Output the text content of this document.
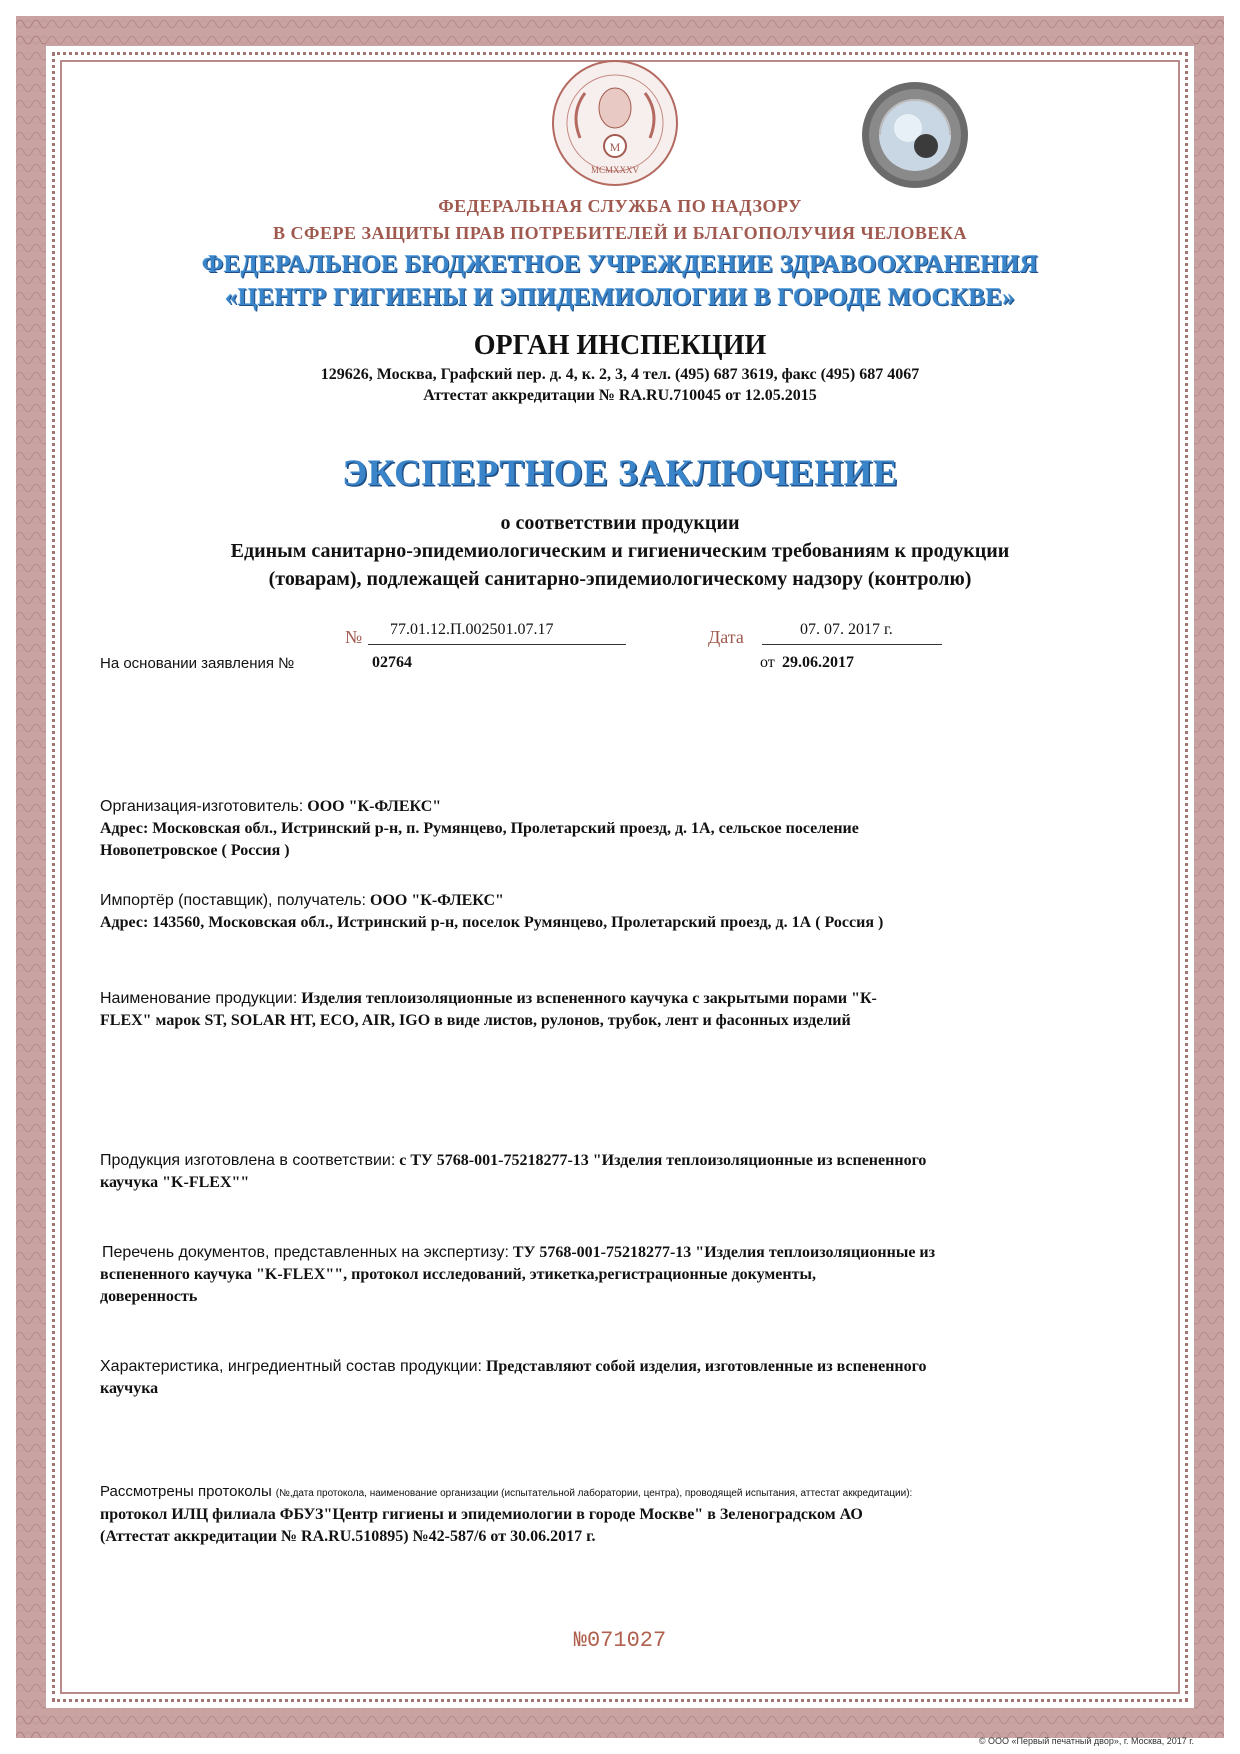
M
MCMXXXV
ФЕДЕРАЛЬНАЯ СЛУЖБА ПО НАДЗОРУ
В СФЕРЕ ЗАЩИТЫ ПРАВ ПОТРЕБИТЕЛЕЙ И БЛАГОПОЛУЧИЯ ЧЕЛОВЕКА
ФЕДЕРАЛЬНОЕ БЮДЖЕТНОЕ УЧРЕЖДЕНИЕ ЗДРАВООХРАНЕНИЯ
«ЦЕНТР ГИГИЕНЫ И ЭПИДЕМИОЛОГИИ В ГОРОДЕ МОСКВЕ»
ОРГАН ИНСПЕКЦИИ
129626, Москва, Графский пер. д. 4, к. 2, 3, 4 тел. (495) 687 3619, факс (495) 687 4067
Аттестат аккредитации № RA.RU.710045 от 12.05.2015
ЭКСПЕРТНОЕ ЗАКЛЮЧЕНИЕ
о соответствии продукции
Единым санитарно-эпидемиологическим и гигиеническим требованиям к продукции
(товарам), подлежащей санитарно-эпидемиологическому надзору (контролю)
№ 77.01.12.П.002501.07.17	Дата	07. 07. 2017 г.
На основании заявления №	02764	от 29.06.2017
Организация-изготовитель: ООО "К-ФЛЕКС"
Адрес: Московская обл., Истринский р-н, п. Румянцево, Пролетарский проезд, д. 1А, сельское поселение
Новопетровское ( Россия )
Импортёр (поставщик), получатель: ООО "К-ФЛЕКС"
Адрес: 143560, Московская обл., Истринский р-н, поселок Румянцево, Пролетарский проезд, д. 1А ( Россия )
Наименование продукции: Изделия теплоизоляционные из вспененного каучука с закрытыми порами "К-
FLEX" марок ST, SOLAR HT, ECO, AIR, IGO в виде листов, рулонов, трубок, лент и фасонных изделий
Продукция изготовлена в соответствии: с ТУ 5768-001-75218277-13 "Изделия теплоизоляционные из вспененного
каучука "K-FLEX""
Перечень документов, представленных на экспертизу: ТУ 5768-001-75218277-13 "Изделия теплоизоляционные из
вспененного каучука "K-FLEX"", протокол исследований, этикетка,регистрационные документы,
доверенность
Характеристика, ингредиентный состав продукции: Представляют собой изделия, изготовленные из вспененного
каучука
Рассмотрены протоколы (№,дата протокола, наименование организации (испытательной лаборатории, центра), проводящей испытания, аттестат аккредитации):
протокол ИЛЦ филиала ФБУЗ"Центр гигиены и эпидемиологии в городе Москве" в Зеленоградском АО
(Аттестат аккредитации № RA.RU.510895) №42-587/6 от 30.06.2017 г.
№071027
© ООО «Первый печатный двор», г. Москва, 2017 г.
